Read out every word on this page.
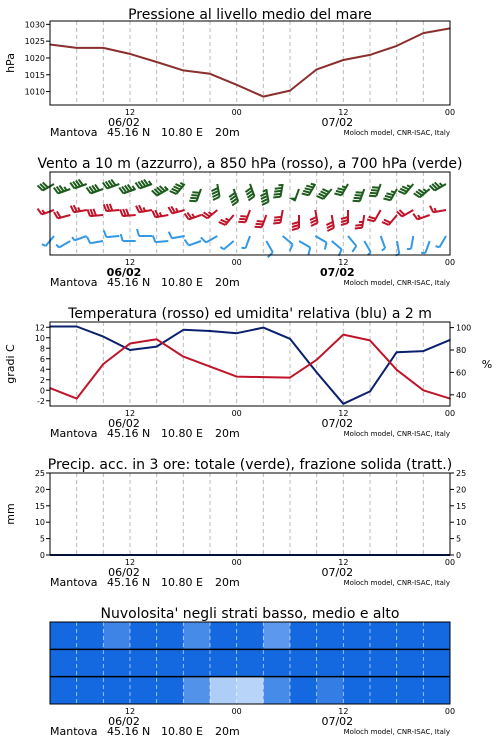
Pressione al livello medio del mare
1010
1015
1020
1025
1030
hPa
Vento a 10 m (azzurro), a 850 hPa (rosso), a 700 hPa (verde)
Temperatura (rosso) ed umidita' relativa (blu) a 2 m
-2
0
2
4
6
8
10
12
40
60
80
100
gradi C	%
Precip. acc. in 3 ore: totale (verde), frazione solida (tratt.)
0
5
10
15
20
25
0
5
10
15
20
25
mm
Nuvolosita' negli strati basso, medio e alto
12	00	12	00
06/02	07/02
Mantova 45.16 N 10.80 E 20m	Moloch model, CNR-ISAC, Italy
12	00	12	00
06/02	07/02
Mantova 45.16 N 10.80 E 20m	Moloch model, CNR-ISAC, Italy
12	00	12	00
06/02	07/02
Mantova 45.16 N 10.80 E 20m	Moloch model, CNR-ISAC, Italy
12	00	12	00
06/02	07/02
Mantova 45.16 N 10.80 E 20m	Moloch model, CNR-ISAC, Italy
12	00	12	00
06/02	07/02
Mantova 45.16 N 10.80 E 20m	Moloch model, CNR-ISAC, Italy
